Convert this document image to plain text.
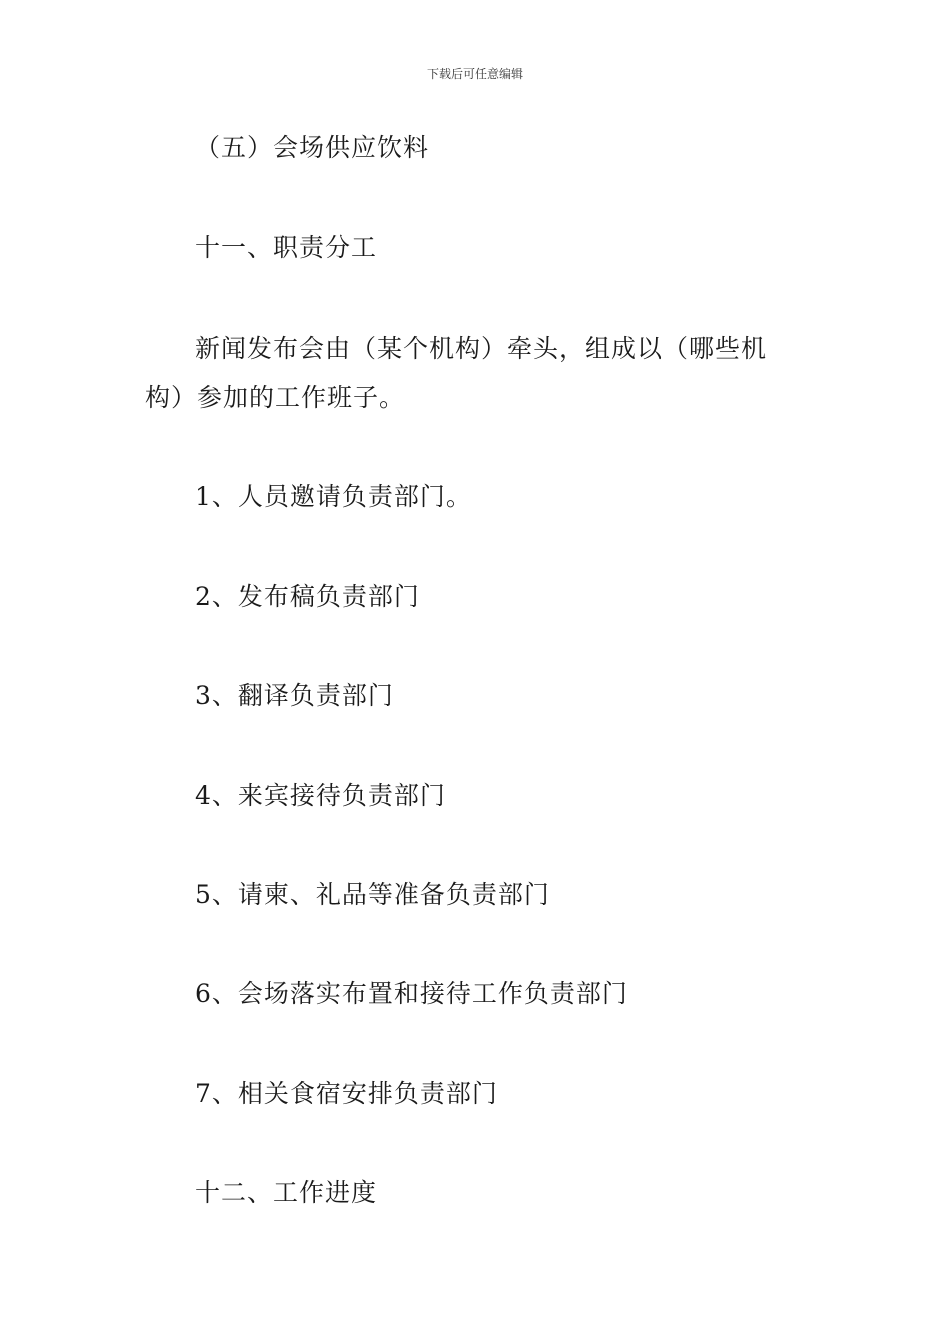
下载后可任意编辑
（五）会场供应饮料
十一、职责分工
新闻发布会由（某个机构）牵头，组成以（哪些机
构）参加的工作班子。
1、人员邀请负责部门。
2、发布稿负责部门
3、翻译负责部门
4、来宾接待负责部门
5、请柬、礼品等准备负责部门
6、会场落实布置和接待工作负责部门
7、相关食宿安排负责部门
十二、工作进度
